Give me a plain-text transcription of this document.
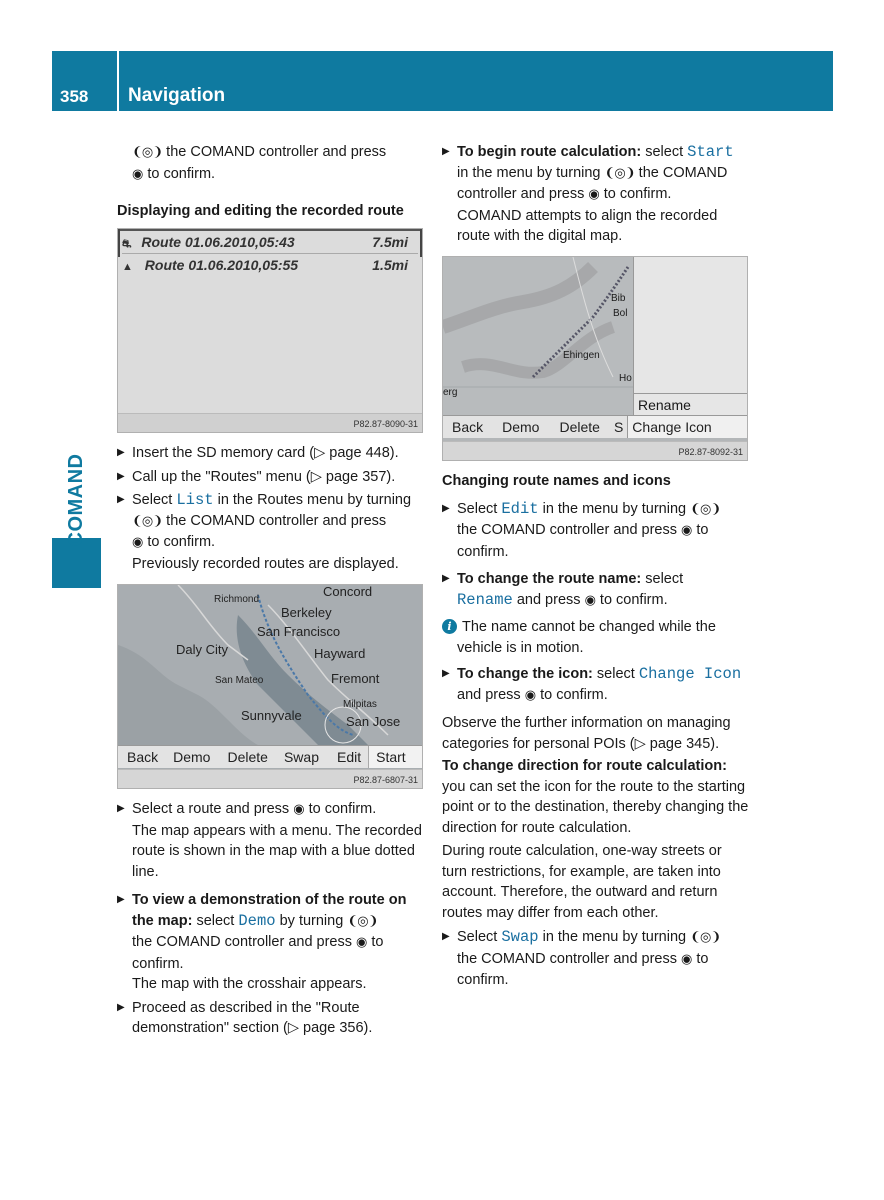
358 Navigation
COMAND
❨◎❩ the COMAND controller and press
◉ to confirm.
Displaying and editing the recorded route
⛐ Route 01.06.2010,05:43	7.5mi
▲ Route 01.06.2010,05:55	1.5mi
P82.87-8090-31
▶ Insert the SD memory card (▷ page 448).
▶ Call up the "Routes" menu (▷ page 357).
▶ Select List in the Routes menu by turning
❨◎❩ the COMAND controller and press
◉ to confirm.
Previously recorded routes are displayed.
Concord
Richmond
Berkeley
San Francisco
Daly City	Hayward
San Mateo	Fremont
Milpitas
Sunnyvale	San Jose
Back Demo Delete Swap Edit	Start
P82.87-6807-31
▶ Select a route and press ◉ to confirm.
The map appears with a menu. The recorded route is shown in the map with a blue dotted line.
▶ To view a demonstration of the route on the map: select Demo by turning ❨◎❩
the COMAND controller and press ◉ to confirm.
The map with the crosshair appears.
▶ Proceed as described in the "Route demonstration" section (▷ page 356).
▶ To begin route calculation: select Start
in the menu by turning ❨◎❩ the COMAND controller and press ◉ to confirm.
COMAND attempts to align the recorded route with the digital map.
Bib
Bol
Ehingen
Ho
erg
Rename
Back Demo Delete S Change Icon
P82.87-8092-31
Changing route names and icons
▶ Select Edit in the menu by turning ❨◎❩
the COMAND controller and press ◉ to
confirm.
▶ To change the route name: select
Rename and press ◉ to confirm.
i The name cannot be changed while the vehicle is in motion.
▶ To change the icon: select Change Icon
and press ◉ to confirm.
Observe the further information on managing categories for personal POIs (▷ page 345).
To change direction for route calculation: you can set the icon for the route to the starting point or to the destination, thereby changing the direction for route calculation.
During route calculation, one-way streets or turn restrictions, for example, are taken into account. Therefore, the outward and return routes may differ from each other.
▶ Select Swap in the menu by turning ❨◎❩
the COMAND controller and press ◉ to
confirm.
